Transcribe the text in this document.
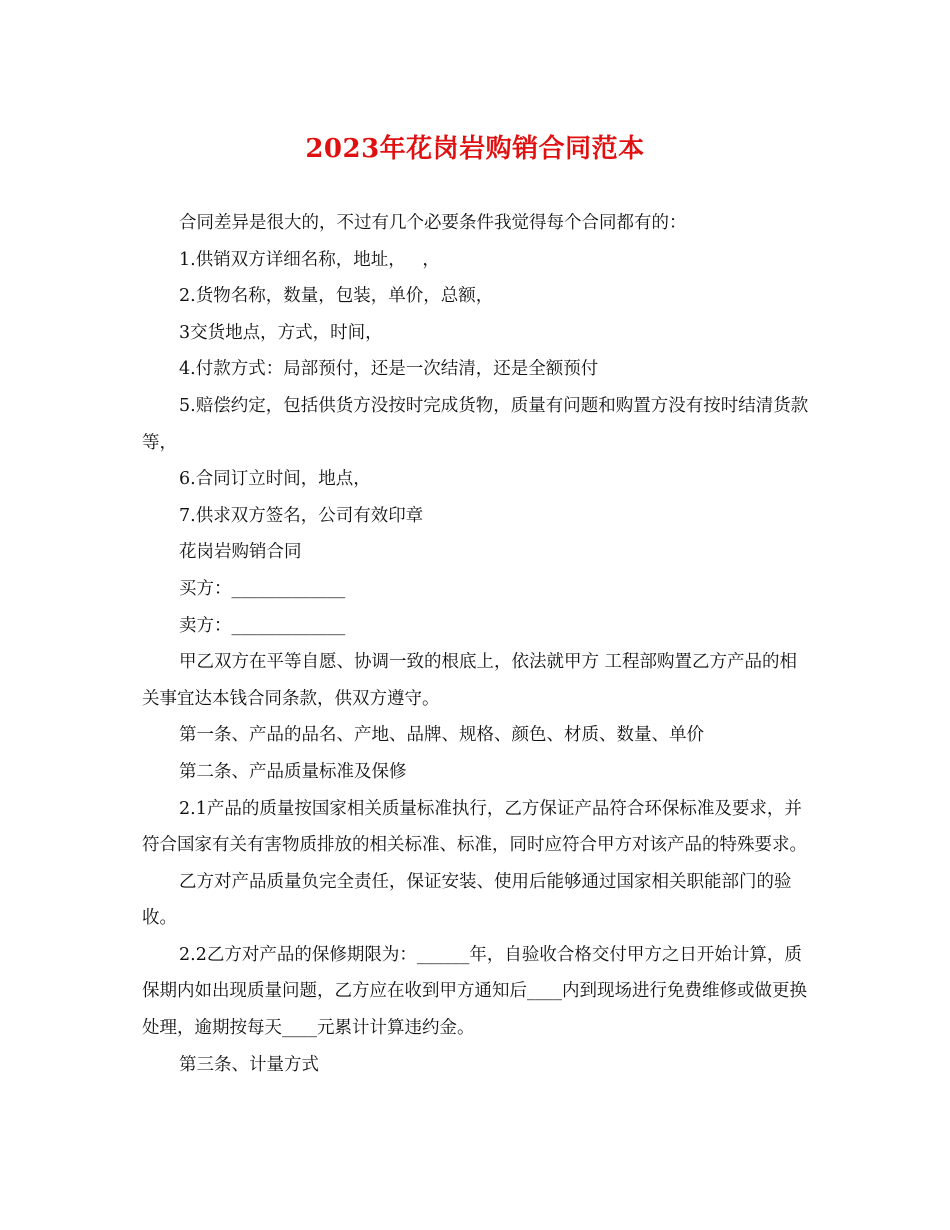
2023年花岗岩购销合同范本

合同差异是很大的，不过有几个必要条件我觉得每个合同都有的：

1.供销双方详细名称，地址，   ，

2.货物名称，数量，包装，单价，总额，

3交货地点，方式，时间，

4.付款方式：局部预付，还是一次结清，还是全额预付

5.赔偿约定，包括供货方没按时完成货物，质量有问题和购置方没有按时结清货款等，

6.合同订立时间，地点，

7.供求双方签名，公司有效印章

花岗岩购销合同

买方：_____________

卖方：_____________

甲乙双方在平等自愿、协调一致的根底上，依法就甲方 工程部购置乙方产品的相关事宜达本钱合同条款，供双方遵守。

第一条、产品的品名、产地、品牌、规格、颜色、材质、数量、单价

第二条、产品质量标准及保修

2.1产品的质量按国家相关质量标准执行，乙方保证产品符合环保标准及要求，并符合国家有关有害物质排放的相关标准、标准，同时应符合甲方对该产品的特殊要求。

乙方对产品质量负完全责任，保证安装、使用后能够通过国家相关职能部门的验收。

2.2乙方对产品的保修期限为：______年，自验收合格交付甲方之日开始计算，质保期内如出现质量问题，乙方应在收到甲方通知后____内到现场进行免费维修或做更换处理，逾期按每天____元累计计算违约金。

第三条、计量方式
